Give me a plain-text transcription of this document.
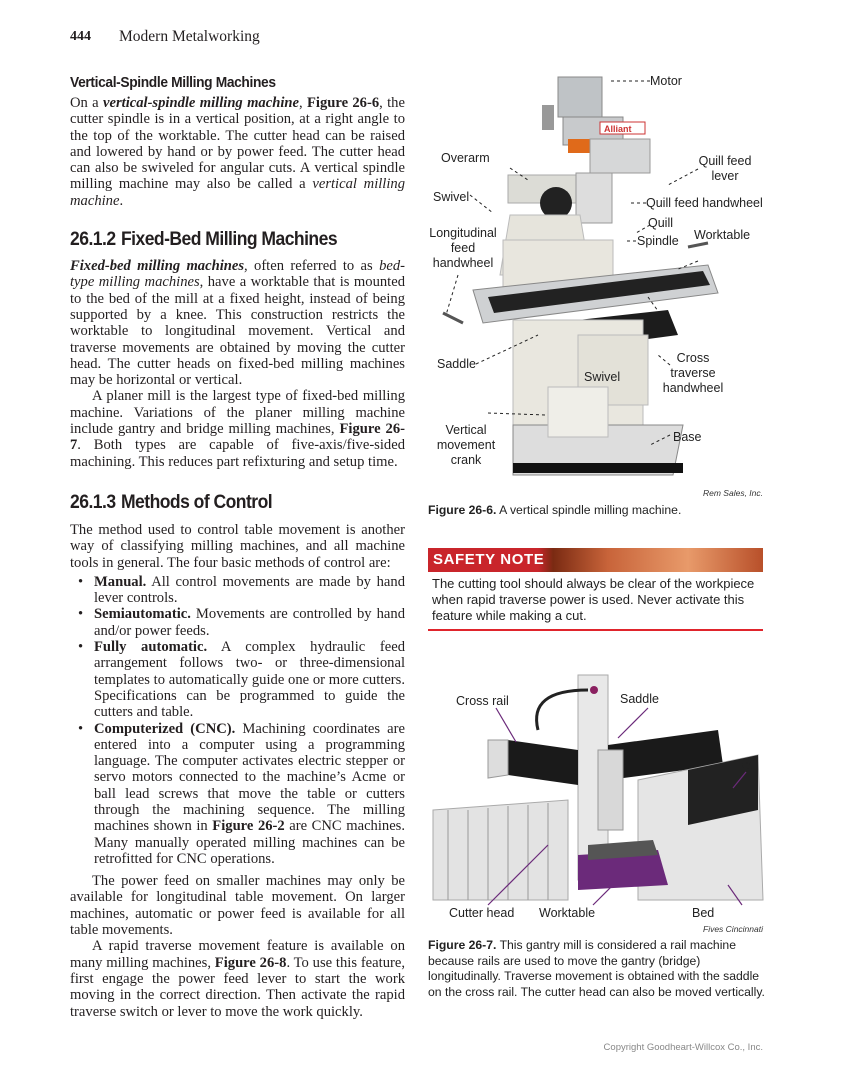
444 Modern Metalworking
Vertical-Spindle Milling Machines

On a vertical-spindle milling machine, Figure 26-6, the cutter spindle is in a vertical position, at a right angle to the top of the worktable. The cutter head can be raised and lowered by hand or by power feed. The cutter head can also be swiveled for angular cuts. A vertical spindle milling machine may also be called a vertical milling machine.

26.1.2 Fixed-Bed Milling Machines

Fixed-bed milling machines, often referred to as bed-type milling machines, have a worktable that is mounted to the bed of the mill at a fixed height, instead of being supported by a knee. This construction restricts the worktable to longitudinal movement. Vertical and traverse movements are obtained by moving the cutter head. The cutter heads on fixed-bed milling machines may be horizontal or vertical.

A planer mill is the largest type of fixed-bed milling machine. Variations of the planer milling machine include gantry and bridge milling machines, Figure 26-7. Both types are capable of five-axis/five-sided machining. This reduces part refixturing and setup time.

26.1.3 Methods of Control

The method used to control table movement is another way of classifying milling machines, and all machine tools in general. The four basic methods of control are:

• Manual. All control movements are made by hand lever controls.
• Semiautomatic. Movements are controlled by hand and/or power feeds.
• Fully automatic. A complex hydraulic feed arrangement follows two- or three-dimensional templates to automatically guide one or more cutters. Specifications can be programmed to guide the cutters and table.
• Computerized (CNC). Machining coordinates are entered into a computer using a programming language. The computer activates electric stepper or servo motors connected to the machine’s Acme or ball lead screws that move the table or cutters through the machining sequence. The milling machines shown in Figure 26-2 are CNC machines. Many manually operated milling machines can be retrofitted for CNC operations.

The power feed on smaller machines may only be available for longitudinal table movement. On larger machines, automatic or power feed is available for all table movements.

A rapid traverse movement feature is available on many milling machines, Figure 26-8. To use this feature, first engage the power feed lever to start the work moving in the correct direction. Then activate the rapid traverse switch or lever to move the work quickly.

Alliant
Motor
Overarm	Quill feed
lever
Swivel	Quill feed handwheel
Longitudinal
feed
handwheel
Quill
Spindle Worktable
Saddle
Swivel
Cross
traverse
handwheel
Vertical
movement
crank
Base
Rem Sales, Inc.
Figure 26-6. A vertical spindle milling machine.
SAFETY NOTE
The cutting tool should always be clear of the workpiece when rapid traverse power is used. Never activate this feature while making a cut.
Cross rail	Saddle
Rail
Cutter head Worktable	Bed
Fives Cincinnati
Figure 26-7. This gantry mill is considered a rail machine because rails are used to move the gantry (bridge) longitudinally. Traverse movement is obtained with the saddle on the cross rail. The cutter head can also be moved vertically.
Copyright Goodheart-Willcox Co., Inc.
